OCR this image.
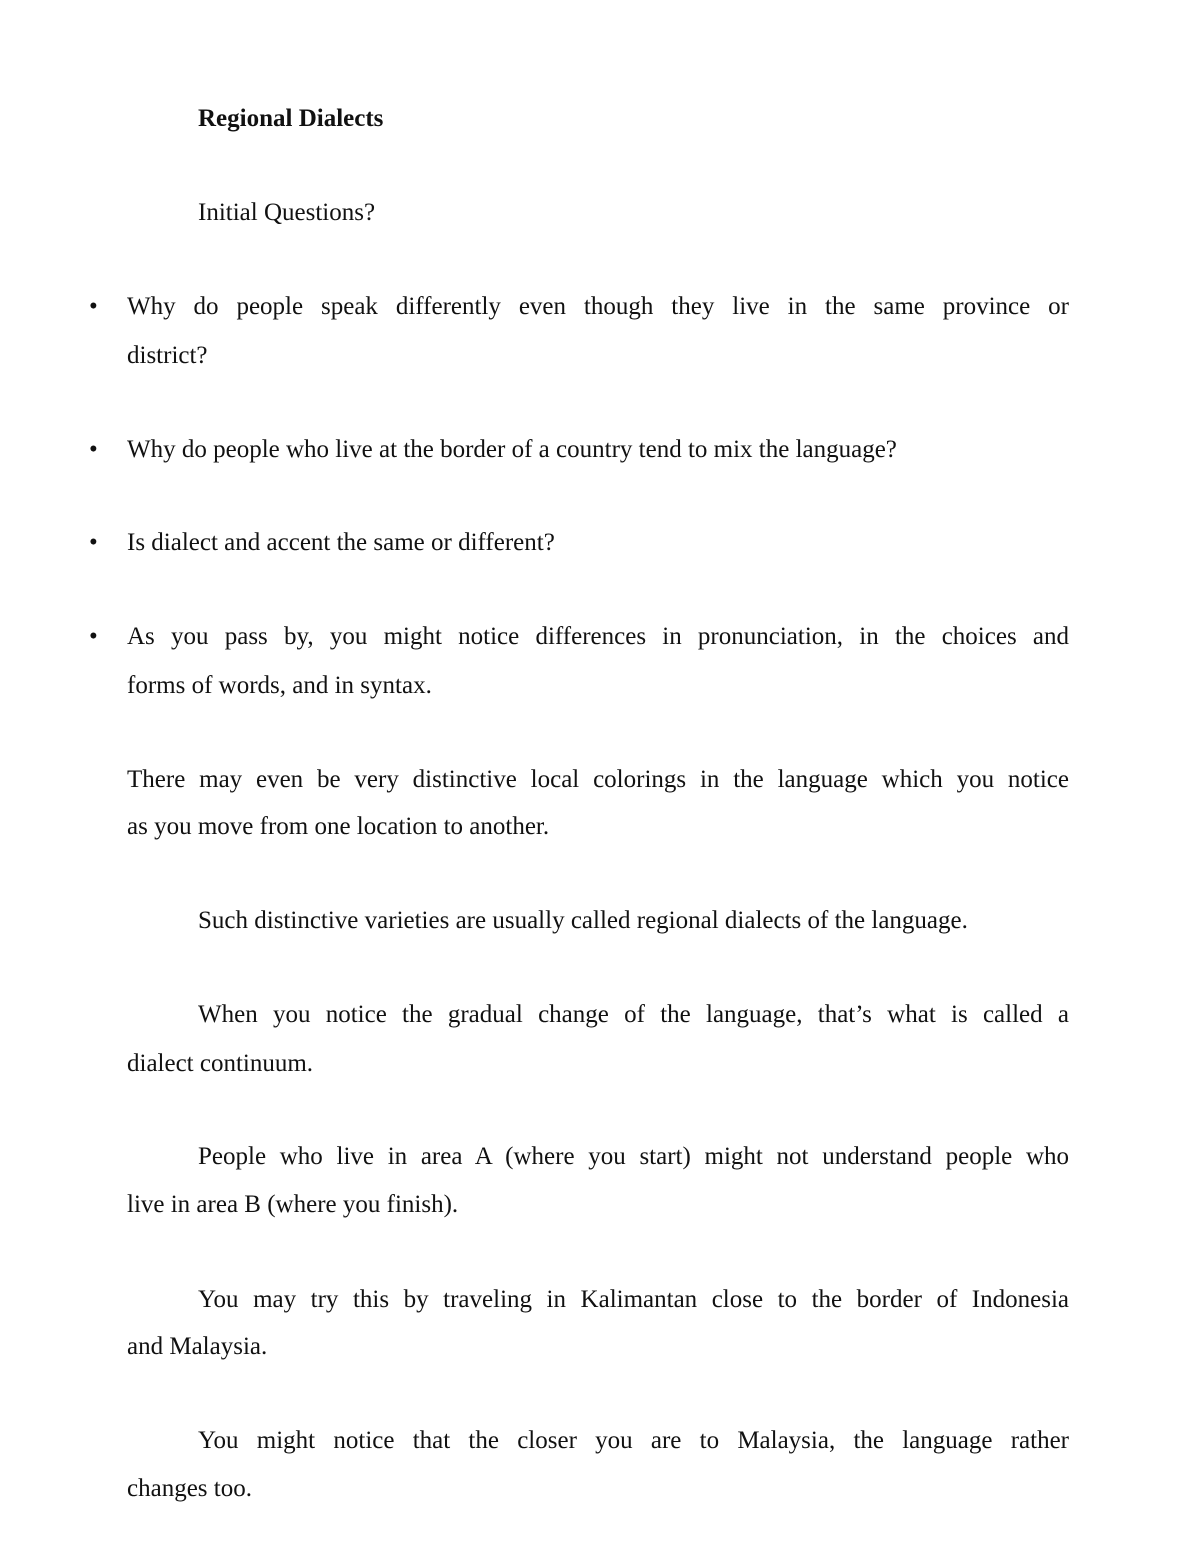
Regional Dialects
Initial Questions?
• Why do people speak differently even though they live in the same province or
district?
• Why do people who live at the border of a country tend to mix the language?
• Is dialect and accent the same or different?
• As you pass by, you might notice differences in pronunciation, in the choices and
forms of words, and in syntax.
There may even be very distinctive local colorings in the language which you notice
as you move from one location to another.
Such distinctive varieties are usually called regional dialects of the language.
When you notice the gradual change of the language, that’s what is called a
dialect continuum.
People who live in area A (where you start) might not understand people who
live in area B (where you finish).
You may try this by traveling in Kalimantan close to the border of Indonesia
and Malaysia.
You might notice that the closer you are to Malaysia, the language rather
changes too.
